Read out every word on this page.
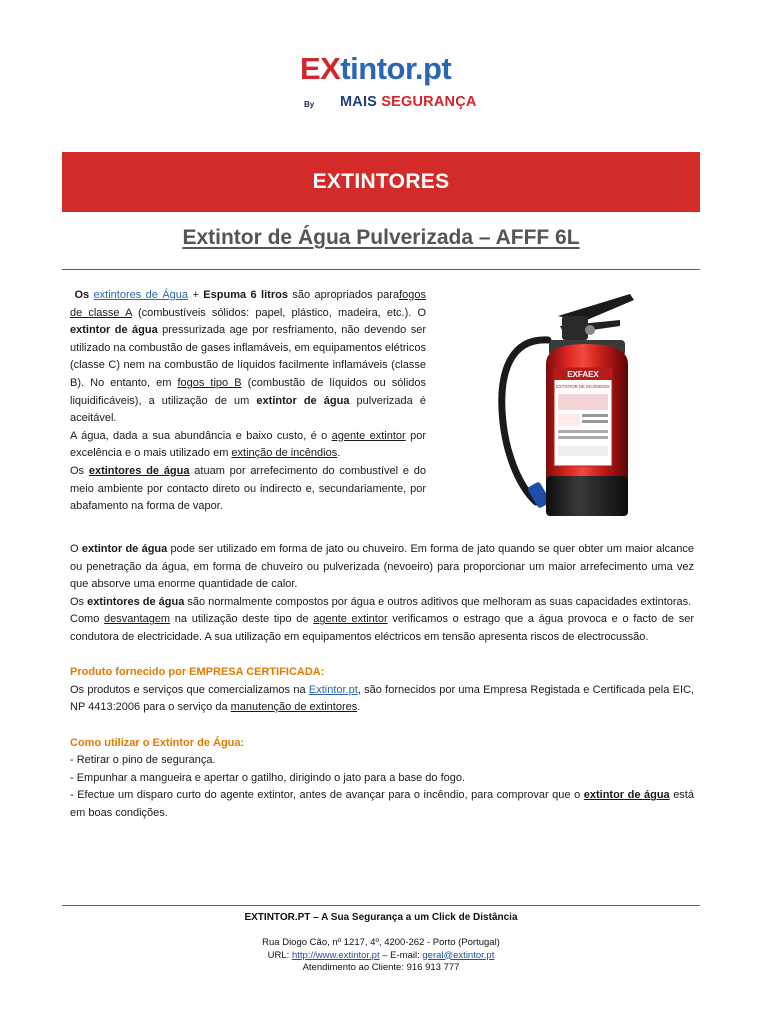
EXtintor.pt
By MAIS SEGURANÇA
EXTINTORES
Extintor de Água Pulverizada – AFFF 6L

Os extintores de Água + Espuma 6 litros são apropriados parafogos de classe A (combustíveis sólidos: papel, plástico, madeira, etc.). O extintor de água pressurizada age por resfriamento, não devendo ser utilizado na combustão de gases inflamáveis, em equipamentos elétricos (classe C) nem na combustão de líquidos facilmente inflamáveis (classe B). No entanto, em fogos tipo B (combustão de líquidos ou sólidos liquidificáveis), a utilização de um extintor de água pulverizada é aceitável.

A água, dada a sua abundância e baixo custo, é o agente extintor por excelência e o mais utilizado em extinção de incêndios.

Os extintores de água atuam por arrefecimento do combustível e do meio ambiente por contacto direto ou indirecto e, secundariamente, por abafamento na forma de vapor.

EXFAEX
EXTINTOR DE INCÊNDIOS

O extintor de água pode ser utilizado em forma de jato ou chuveiro. Em forma de jato quando se quer obter um maior alcance ou penetração da água, em forma de chuveiro ou pulverizada (nevoeiro) para proporcionar um maior arrefecimento uma vez que absorve uma enorme quantidade de calor.

Os extintores de água são normalmente compostos por água e outros aditivos que melhoram as suas capacidades extintoras.

Como desvantagem na utilização deste tipo de agente extintor verificamos o estrago que a água provoca e o facto de ser condutora de electricidade. A sua utilização em equipamentos eléctricos em tensão apresenta riscos de electrocussão.

Produto fornecido por EMPRESA CERTIFICADA:

Os produtos e serviços que comercializamos na Extintor.pt, são fornecidos por uma Empresa Registada e Certificada pela EIC, NP 4413:2006 para o serviço da manutenção de extintores.

Como utilizar o Extintor de Água:

- Retirar o pino de segurança.

- Empunhar a mangueira e apertar o gatilho, dirigindo o jato para a base do fogo.

- Efectue um disparo curto do agente extintor, antes de avançar para o incêndio, para comprovar que o extintor de água está em boas condições.

EXTINTOR.PT – A Sua Segurança a um Click de Distância
Rua Diogo Cão, nº 1217, 4º, 4200-262 - Porto (Portugal)
URL: http://www.extintor.pt – E-mail: geral@extintor.pt
Atendimento ao Cliente: 916 913 777
